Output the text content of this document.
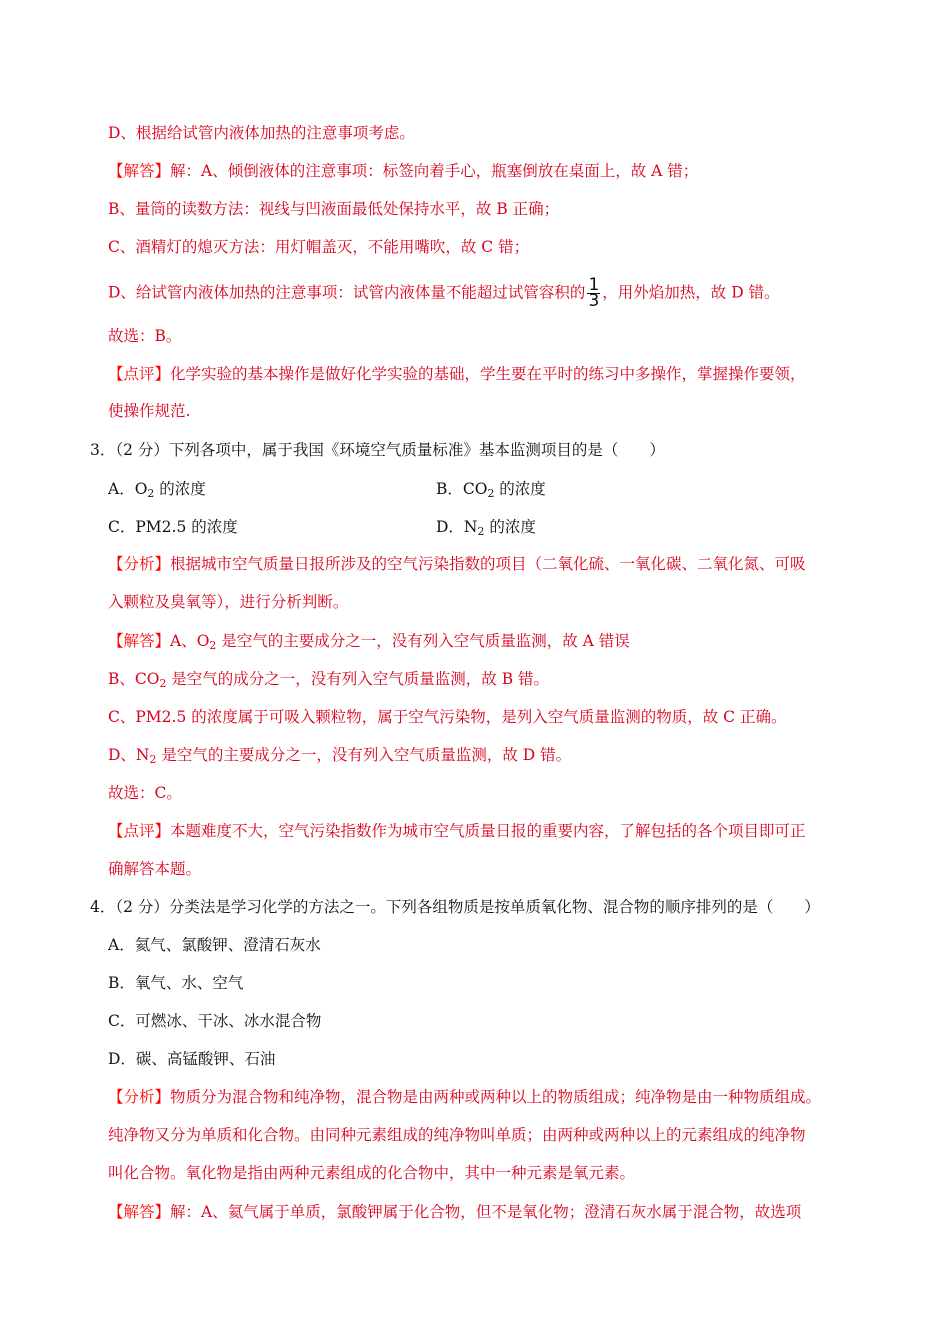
D、根据给试管内液体加热的注意事项考虑。
【解答】解：A、倾倒液体的注意事项：标签向着手心，瓶塞倒放在桌面上，故 A 错；
B、量筒的读数方法：视线与凹液面最低处保持水平，故 B 正确；
C、酒精灯的熄灭方法：用灯帽盖灭，不能用嘴吹，故 C 错；
D、给试管内液体加热的注意事项：试管内液体量不能超过试管容积的 $\frac{1}{3}$ ，用外焰加热，故 D 错。
故选：B。
【点评】化学实验的基本操作是做好化学实验的基础，学生要在平时的练习中多操作，掌握操作要领，
使操作规范.
3．（2 分）下列各项中，属于我国《环境空气质量标准》基本监测项目的是（　　）
A．$O_2$ 的浓度	B．$CO_2$ 的浓度
C．PM2.5 的浓度	D．$N_2$ 的浓度
【分析】根据城市空气质量日报所涉及的空气污染指数的项目（二氧化硫、一氧化碳、二氧化氮、可吸
入颗粒及臭氧等），进行分析判断。
【解答】A、$O_2$ 是空气的主要成分之一，没有列入空气质量监测，故 A 错误
B、$CO_2$ 是空气的成分之一，没有列入空气质量监测，故 B 错。
C、PM2.5 的浓度属于可吸入颗粒物，属于空气污染物，是列入空气质量监测的物质，故 C 正确。
D、$N_2$ 是空气的主要成分之一，没有列入空气质量监测，故 D 错。
故选：C。
【点评】本题难度不大，空气污染指数作为城市空气质量日报的重要内容，了解包括的各个项目即可正
确解答本题。
4．（2 分）分类法是学习化学的方法之一。下列各组物质是按单质氧化物、混合物的顺序排列的是（　　）
A．氦气、氯酸钾、澄清石灰水
B．氧气、水、空气
C．可燃冰、干冰、冰水混合物
D．碳、高锰酸钾、石油
【分析】物质分为混合物和纯净物，混合物是由两种或两种以上的物质组成；纯净物是由一种物质组成。
纯净物又分为单质和化合物。由同种元素组成的纯净物叫单质；由两种或两种以上的元素组成的纯净物
叫化合物。氧化物是指由两种元素组成的化合物中，其中一种元素是氧元素。
【解答】解：A、氦气属于单质，氯酸钾属于化合物，但不是氧化物；澄清石灰水属于混合物，故选项
